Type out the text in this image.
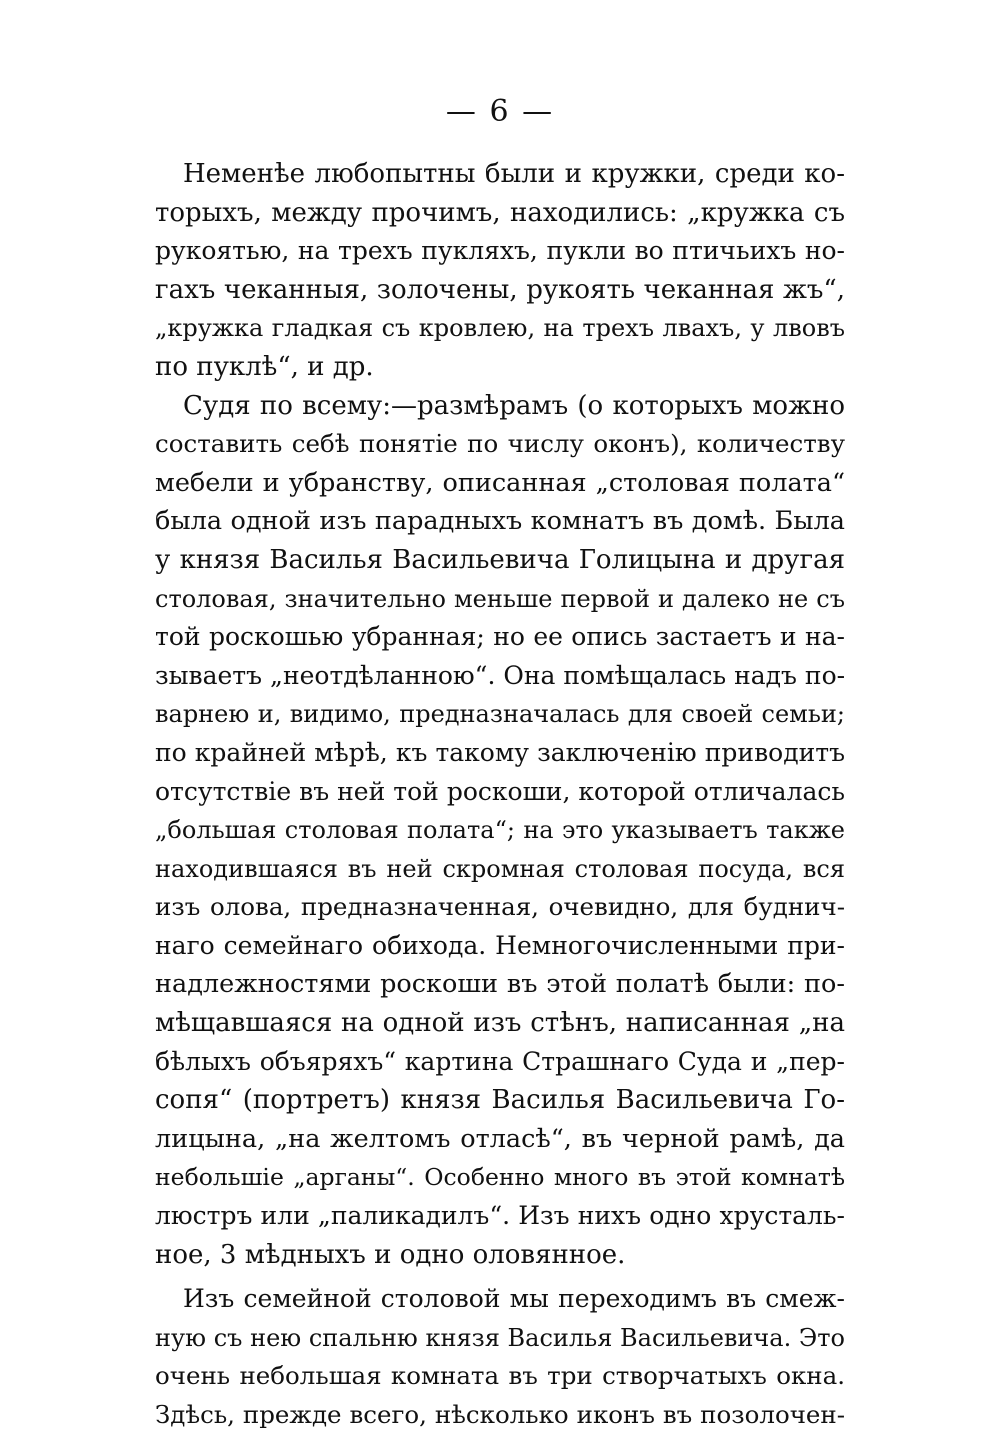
— 6 —
Неменѣе любопытны были и кружки, среди ко-
торыхъ, между прочимъ, находились: „кружка съ
рукоятью, на трехъ пукляхъ, пукли во птичьихъ но-
гахъ чеканныя, золочены, рукоять чеканная жъ“,
„кружка гладкая съ кровлею, на трехъ лвахъ, у лвовъ
по пуклѣ“, и др.
Судя по всему:—размѣрамъ (о которыхъ можно
составить себѣ понятіе по числу оконъ), количеству
мебели и убранству, описанная „столовая полата“
была одной изъ парадныхъ комнатъ въ домѣ. Была
у князя Василья Васильевича Голицына и другая
столовая, значительно меньше первой и далеко не съ
той роскошью убранная; но ее опись застаетъ и на-
зываетъ „неотдѣланною“. Она помѣщалась надъ по-
варнею и, видимо, предназначалась для своей семьи;
по крайней мѣрѣ, къ такому заключенію приводитъ
отсутствіе въ ней той роскоши, которой отличалась
„большая столовая полата“; на это указываетъ также
находившаяся въ ней скромная столовая посуда, вся
изъ олова, предназначенная, очевидно, для буднич-
наго семейнаго обихода. Немногочисленными при-
надлежностями роскоши въ этой полатѣ были: по-
мѣщавшаяся на одной изъ стѣнъ, написанная „на
бѣлыхъ объяряхъ“ картина Страшнаго Суда и „пер-
сопя“ (портретъ) князя Василья Васильевича Го-
лицына, „на желтомъ отласѣ“, въ черной рамѣ, да
небольшіе „арганы“. Особенно много въ этой комнатѣ
люстръ или „паликадилъ“. Изъ нихъ одно хрусталь-
ное, 3 мѣдныхъ и одно оловянное.
Изъ семейной столовой мы переходимъ въ смеж-
ную съ нею спальню князя Василья Васильевича. Это
очень небольшая комната въ три створчатыхъ окна.
Здѣсь, прежде всего, нѣсколько иконъ въ позолочен-
